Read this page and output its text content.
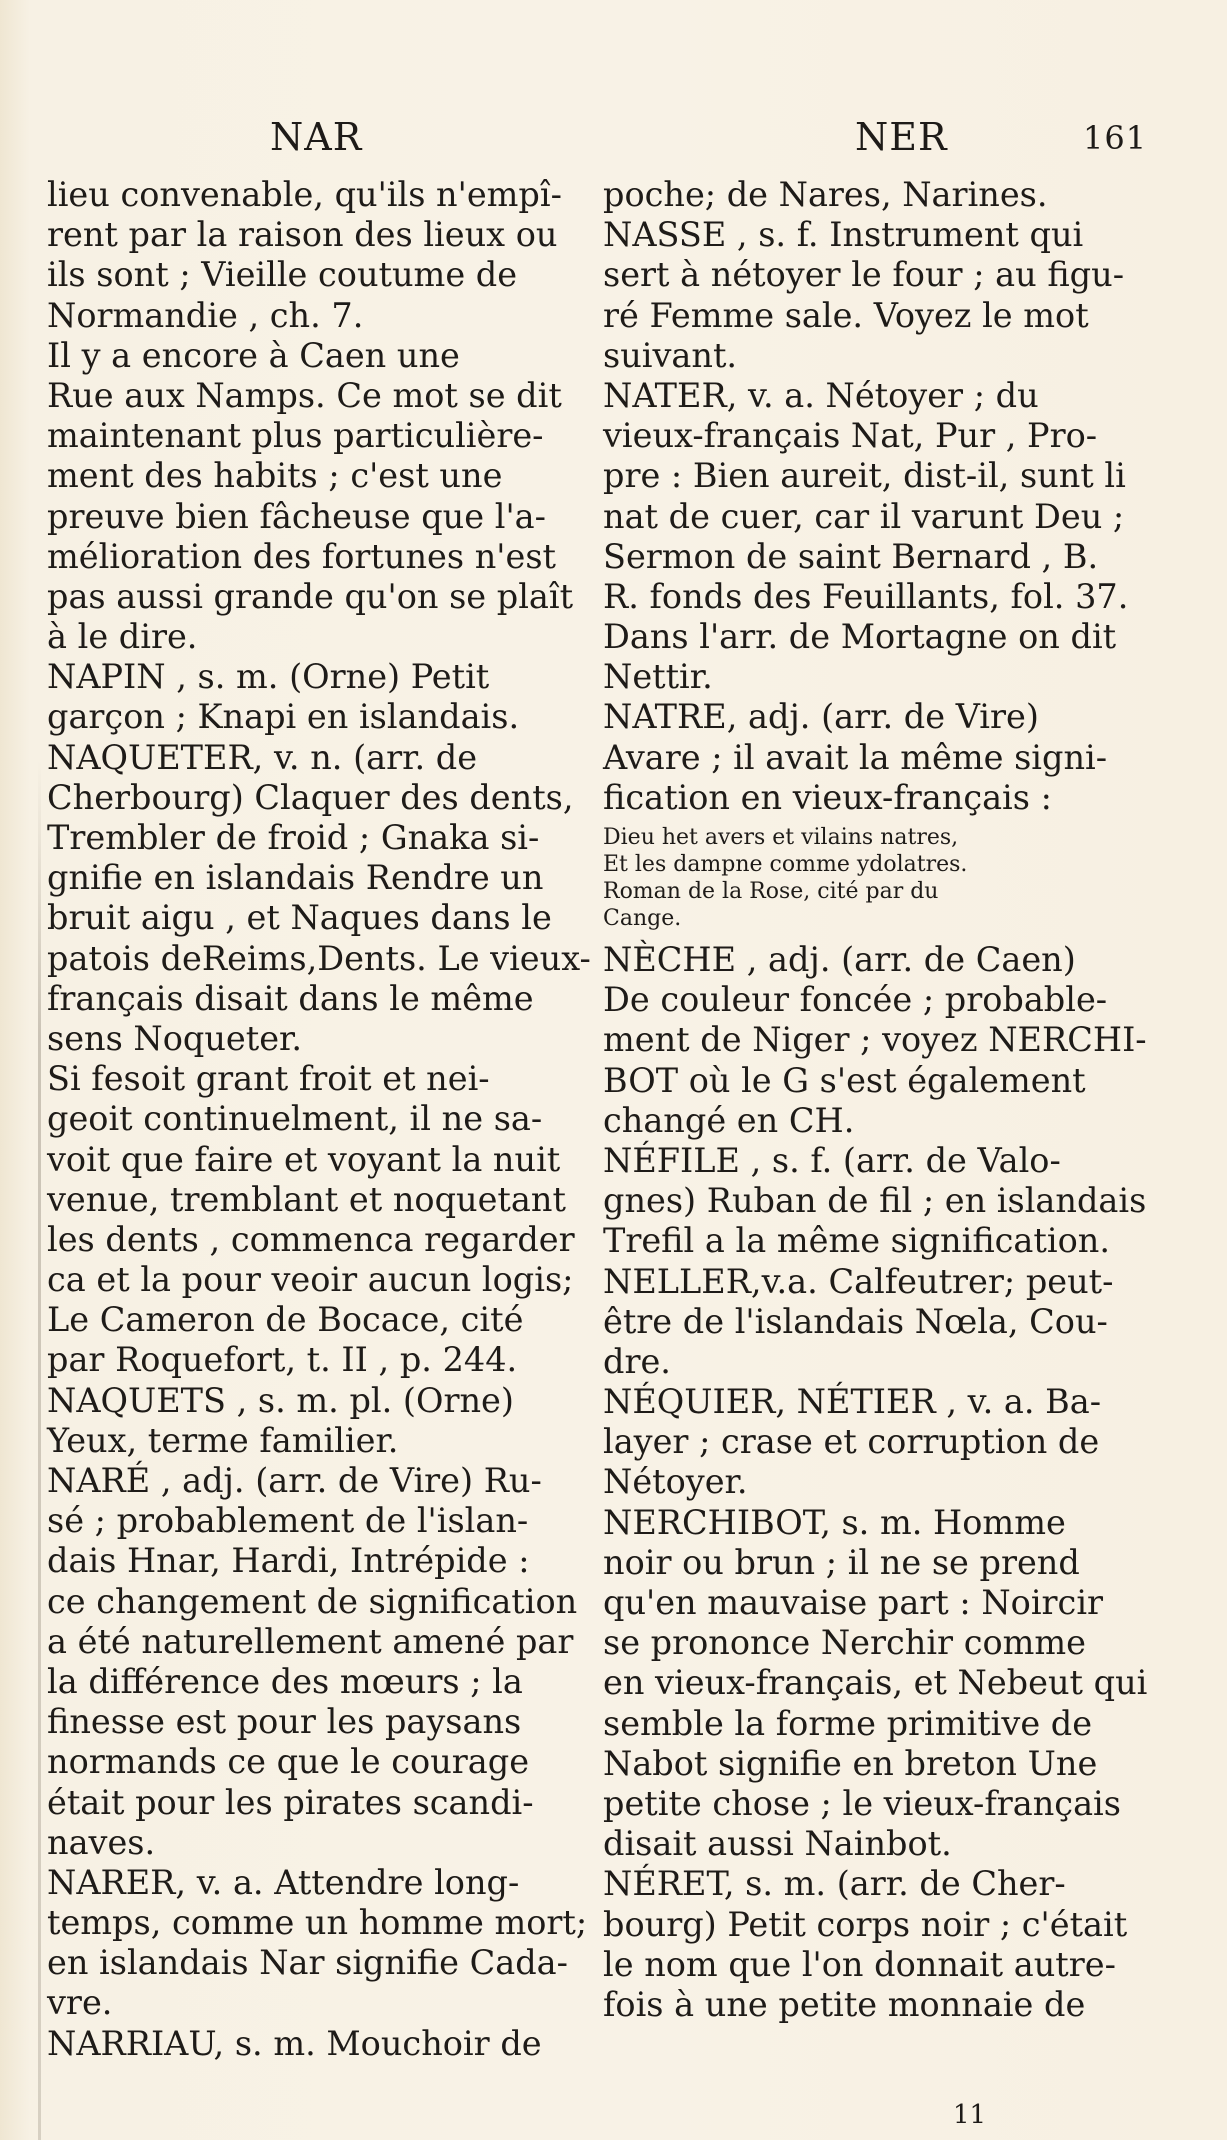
NAR	NER	161
lieu convenable, qu'ils n'empî-
rent par la raison des lieux ou
ils sont ; Vieille coutume de
Normandie , ch. 7.
Il y a encore à Caen une
Rue aux Namps. Ce mot se dit
maintenant plus particulière-
ment des habits ; c'est une
preuve bien fâcheuse que l'a-
mélioration des fortunes n'est
pas aussi grande qu'on se plaît
à le dire.
NAPIN , s. m. (Orne) Petit
garçon ; Knapi en islandais.
NAQUETER, v. n. (arr. de
Cherbourg) Claquer des dents,
Trembler de froid ; Gnaka si-
gnifie en islandais Rendre un
bruit aigu , et Naques dans le
patois deReims,Dents. Le vieux-
français disait dans le même
sens Noqueter.
Si fesoit grant froit et nei-
geoit continuelment, il ne sa-
voit que faire et voyant la nuit
venue, tremblant et noquetant
les dents , commenca regarder
ca et la pour veoir aucun logis;
Le Cameron de Bocace, cité
par Roquefort, t. II , p. 244.
NAQUETS , s. m. pl. (Orne)
Yeux, terme familier.
NARÉ , adj. (arr. de Vire) Ru-
sé ; probablement de l'islan-
dais Hnar, Hardi, Intrépide :
ce changement de signification
a été naturellement amené par
la différence des mœurs ; la
finesse est pour les paysans
normands ce que le courage
était pour les pirates scandi-
naves.
NARER, v. a. Attendre long-
temps, comme un homme mort;
en islandais Nar signifie Cada-
vre.
NARRIAU, s. m. Mouchoir de
poche; de Nares, Narines.
NASSE , s. f. Instrument qui
sert à nétoyer le four ; au figu-
ré Femme sale. Voyez le mot
suivant.
NATER, v. a. Nétoyer ; du
vieux-français Nat, Pur , Pro-
pre : Bien aureit, dist-il, sunt li
nat de cuer, car il varunt Deu ;
Sermon de saint Bernard , B.
R. fonds des Feuillants, fol. 37.
Dans l'arr. de Mortagne on dit
Nettir.
NATRE, adj. (arr. de Vire)
Avare ; il avait la même signi-
fication en vieux-français :
Dieu het avers et vilains natres,
Et les dampne comme ydolatres.
Roman de la Rose, cité par du
Cange.
NÈCHE , adj. (arr. de Caen)
De couleur foncée ; probable-
ment de Niger ; voyez NERCHI-
BOT où le G s'est également
changé en CH.
NÉFILE , s. f. (arr. de Valo-
gnes) Ruban de fil ; en islandais
Trefil a la même signification.
NELLER,v.a. Calfeutrer; peut-
être de l'islandais Nœla, Cou-
dre.
NÉQUIER, NÉTIER , v. a. Ba-
layer ; crase et corruption de
Nétoyer.
NERCHIBOT, s. m. Homme
noir ou brun ; il ne se prend
qu'en mauvaise part : Noircir
se prononce Nerchir comme
en vieux-français, et Nebeut qui
semble la forme primitive de
Nabot signifie en breton Une
petite chose ; le vieux-français
disait aussi Nainbot.
NÉRET, s. m. (arr. de Cher-
bourg) Petit corps noir ; c'était
le nom que l'on donnait autre-
fois à une petite monnaie de
11
